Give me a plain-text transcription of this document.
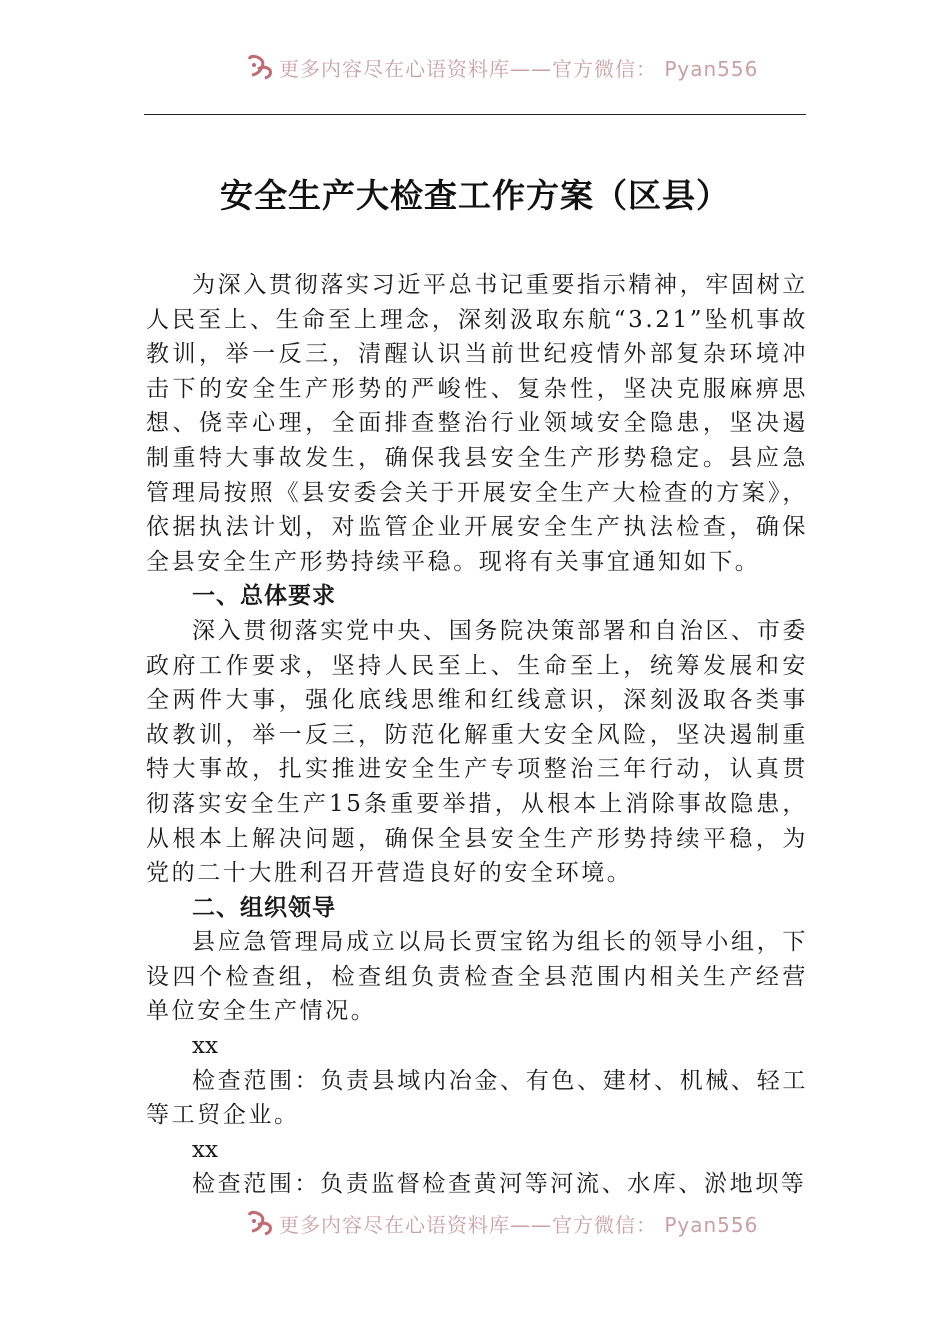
更多内容尽在心语资料库——官方微信： Pyan556
安全生产大检查工作方案（区县）

为深入贯彻落实习近平总书记重要指示精神，牢固树立人民至上、生命至上理念，深刻汲取东航“3.21”坠机事故教训，举一反三，清醒认识当前世纪疫情外部复杂环境冲击下的安全生产形势的严峻性、复杂性，坚决克服麻痹思想、侥幸心理，全面排查整治行业领域安全隐患，坚决遏制重特大事故发生，确保我县安全生产形势稳定。县应急管理局按照《县安委会关于开展安全生产大检查的方案》，依据执法计划，对监管企业开展安全生产执法检查，确保全县安全生产形势持续平稳。现将有关事宜通知如下。

一、总体要求

深入贯彻落实党中央、国务院决策部署和自治区、市委政府工作要求，坚持人民至上、生命至上，统筹发展和安全两件大事，强化底线思维和红线意识，深刻汲取各类事故教训，举一反三，防范化解重大安全风险，坚决遏制重特大事故，扎实推进安全生产专项整治三年行动，认真贯彻落实安全生产15条重要举措，从根本上消除事故隐患，从根本上解决问题，确保全县安全生产形势持续平稳，为党的二十大胜利召开营造良好的安全环境。

二、组织领导

县应急管理局成立以局长贾宝铭为组长的领导小组，下设四个检查组，检查组负责检查全县范围内相关生产经营单位安全生产情况。

xx

检查范围：负责县域内冶金、有色、建材、机械、轻工等工贸企业。

xx

检查范围：负责监督检查黄河等河流、水库、淤地坝等

更多内容尽在心语资料库——官方微信： Pyan556
